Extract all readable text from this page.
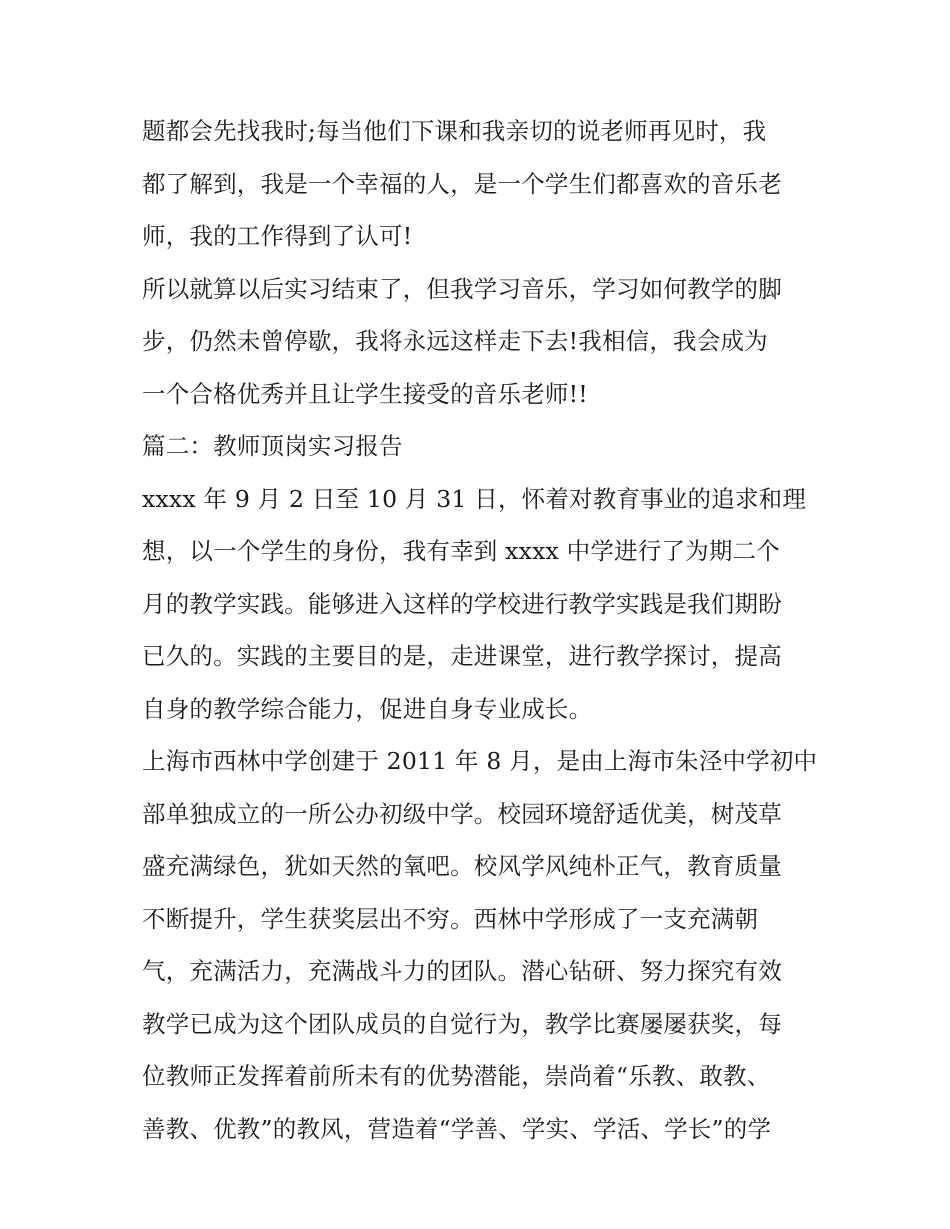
题都会先找我时;每当他们下课和我亲切的说老师再见时，我
都了解到，我是一个幸福的人，是一个学生们都喜欢的音乐老
师，我的工作得到了认可!
所以就算以后实习结束了，但我学习音乐，学习如何教学的脚
步，仍然未曾停歇，我将永远这样走下去!我相信，我会成为
一个合格优秀并且让学生接受的音乐老师!!
篇二：教师顶岗实习报告
xxxx 年 9 月 2 日至 10 月 31 日，怀着对教育事业的追求和理
想，以一个学生的身份，我有幸到 xxxx 中学进行了为期二个
月的教学实践。能够进入这样的学校进行教学实践是我们期盼
已久的。实践的主要目的是，走进课堂，进行教学探讨，提高
自身的教学综合能力，促进自身专业成长。
上海市西林中学创建于 2011 年 8 月，是由上海市朱泾中学初中
部单独成立的一所公办初级中学。校园环境舒适优美，树茂草
盛充满绿色，犹如天然的氧吧。校风学风纯朴正气，教育质量
不断提升，学生获奖层出不穷。西林中学形成了一支充满朝
气，充满活力，充满战斗力的团队。潜心钻研、努力探究有效
教学已成为这个团队成员的自觉行为，教学比赛屡屡获奖，每
位教师正发挥着前所未有的优势潜能，崇尚着“乐教、敢教、
善教、优教”的教风，营造着“学善、学实、学活、学长”的学
